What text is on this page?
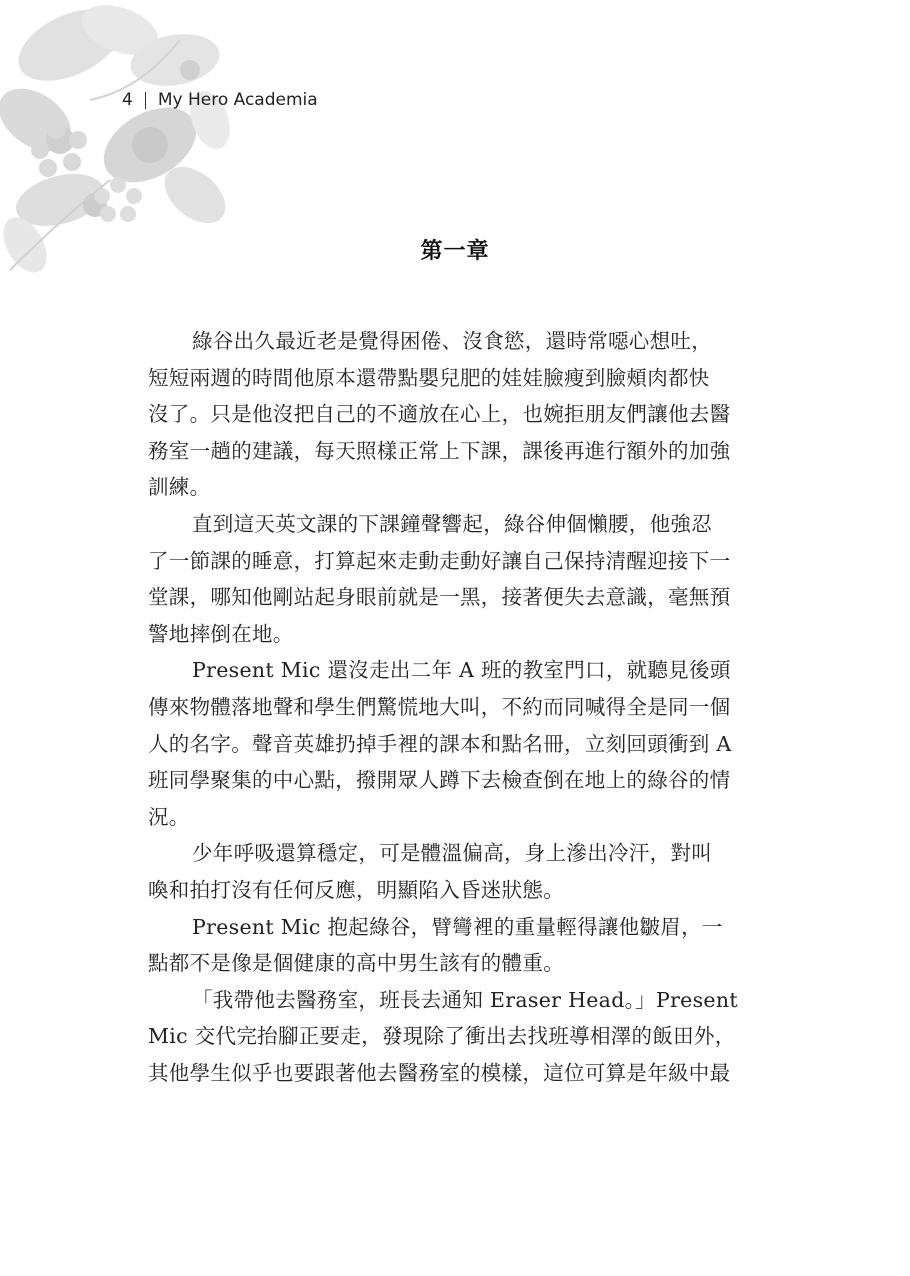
4 My Hero Academia
第一章

綠谷出久最近老是覺得困倦、沒食慾，還時常噁心想吐，
短短兩週的時間他原本還帶點嬰兒肥的娃娃臉瘦到臉頰肉都快
沒了。只是他沒把自己的不適放在心上，也婉拒朋友們讓他去醫
務室一趟的建議，每天照樣正常上下課，課後再進行額外的加強
訓練。

直到這天英文課的下課鐘聲響起，綠谷伸個懶腰，他強忍
了一節課的睡意，打算起來走動走動好讓自己保持清醒迎接下一
堂課，哪知他剛站起身眼前就是一黑，接著便失去意識，毫無預
警地摔倒在地。

Present Mic 還沒走出二年 A 班的教室門口，就聽見後頭
傳來物體落地聲和學生們驚慌地大叫，不約而同喊得全是同一個
人的名字。聲音英雄扔掉手裡的課本和點名冊，立刻回頭衝到 A
班同學聚集的中心點，撥開眾人蹲下去檢查倒在地上的綠谷的情
況。

少年呼吸還算穩定，可是體溫偏高，身上滲出冷汗，對叫
喚和拍打沒有任何反應，明顯陷入昏迷狀態。

Present Mic 抱起綠谷，臂彎裡的重量輕得讓他皺眉，一
點都不是像是個健康的高中男生該有的體重。

「我帶他去醫務室，班長去通知 Eraser Head。」Present
Mic 交代完抬腳正要走，發現除了衝出去找班導相澤的飯田外，
其他學生似乎也要跟著他去醫務室的模樣，這位可算是年級中最
